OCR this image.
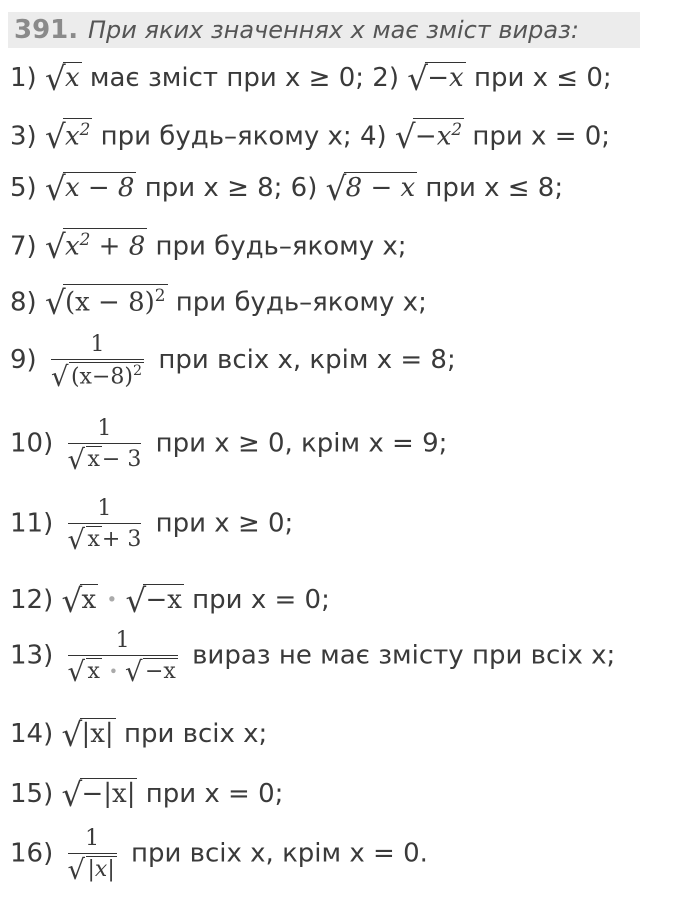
391. При яких значеннях х має зміст вираз:
1) √ x має зміст при x ≥ 0; 2) √ −x при x ≤ 0;
3) √ $x^2$ при будь–якому x; 4) √ $-x^2$ при x = 0;
5) √ x − 8 при x ≥ 8; 6) √ 8 − x при x ≤ 8;
7) √ $x^2 + 8$ при будь–якому x;
8) √ $(x - 8)^2$ при будь–якому x;
$9) \frac{1}{√ (x-8)^2}$ при всіх x, крім x = 8;
$10) \frac{1}{√ x- 3}$ при x ≥ 0, крім x = 9;
$11) \frac{1}{√ x+ 3}$ при x ≥ 0;
12) √ x • √ −x при x = 0;
$13) \frac{1}{√ x • √ -x}$ вираз не має змісту при всіх x;
14) √ |x| при всіх x;
15) √ −|x| при x = 0;
$16) \frac{1}{√ |x|}$ при всіх x, крім x = 0.
